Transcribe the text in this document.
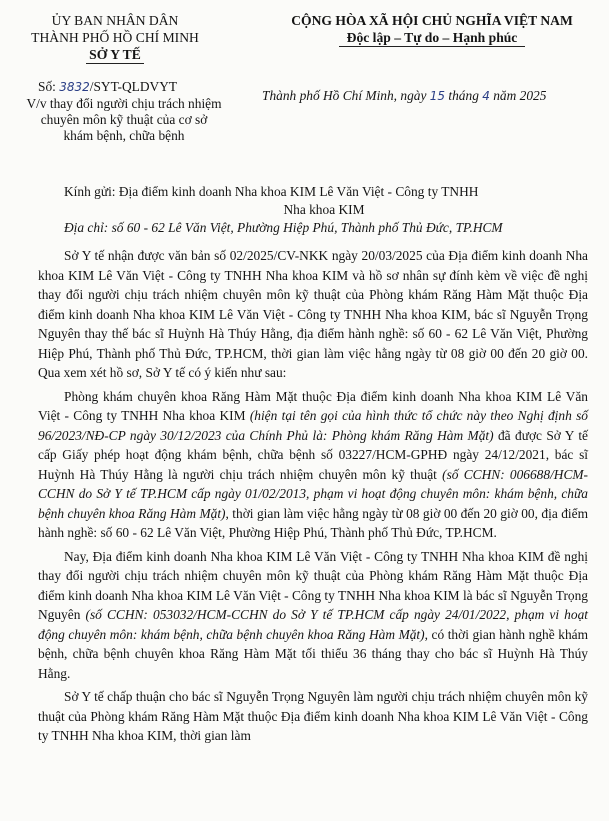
ỦY BAN NHÂN DÂN
THÀNH PHỐ HỒ CHÍ MINH
SỞ Y TẾ
CỘNG HÒA XÃ HỘI CHỦ NGHĨA VIỆT NAM
Độc lập – Tự do – Hạnh phúc
Số: 3832/SYT-QLDVYT
V/v thay đổi người chịu trách nhiệm chuyên môn kỹ thuật của cơ sở khám bệnh, chữa bệnh
Thành phố Hồ Chí Minh, ngày 15 tháng 4 năm 2025
Kính gửi: Địa điểm kinh doanh Nha khoa KIM Lê Văn Việt - Công ty TNHH
Nha khoa KIM
Địa chỉ: số 60 - 62 Lê Văn Việt, Phường Hiệp Phú, Thành phố Thủ Đức, TP.HCM

Sở Y tế nhận được văn bản số 02/2025/CV-NKK ngày 20/03/2025 của Địa điểm kinh doanh Nha khoa KIM Lê Văn Việt - Công ty TNHH Nha khoa KIM và hồ sơ nhân sự đính kèm về việc đề nghị thay đổi người chịu trách nhiệm chuyên môn kỹ thuật của Phòng khám Răng Hàm Mặt thuộc Địa điểm kinh doanh Nha khoa KIM Lê Văn Việt - Công ty TNHH Nha khoa KIM, bác sĩ Nguyễn Trọng Nguyên thay thế bác sĩ Huỳnh Hà Thúy Hằng, địa điểm hành nghề: số 60 - 62 Lê Văn Việt, Phường Hiệp Phú, Thành phố Thủ Đức, TP.HCM, thời gian làm việc hằng ngày từ 08 giờ 00 đến 20 giờ 00. Qua xem xét hồ sơ, Sở Y tế có ý kiến như sau:

Phòng khám chuyên khoa Răng Hàm Mặt thuộc Địa điểm kinh doanh Nha khoa KIM Lê Văn Việt - Công ty TNHH Nha khoa KIM (hiện tại tên gọi của hình thức tổ chức này theo Nghị định số 96/2023/NĐ-CP ngày 30/12/2023 của Chính Phủ là: Phòng khám Răng Hàm Mặt) đã được Sở Y tế cấp Giấy phép hoạt động khám bệnh, chữa bệnh số 03227/HCM-GPHĐ ngày 24/12/2021, bác sĩ Huỳnh Hà Thúy Hằng là người chịu trách nhiệm chuyên môn kỹ thuật (số CCHN: 006688/HCM-CCHN do Sở Y tế TP.HCM cấp ngày 01/02/2013, phạm vi hoạt động chuyên môn: khám bệnh, chữa bệnh chuyên khoa Răng Hàm Mặt), thời gian làm việc hằng ngày từ 08 giờ 00 đến 20 giờ 00, địa điểm hành nghề: số 60 - 62 Lê Văn Việt, Phường Hiệp Phú, Thành phố Thủ Đức, TP.HCM.

Nay, Địa điểm kinh doanh Nha khoa KIM Lê Văn Việt - Công ty TNHH Nha khoa KIM đề nghị thay đổi người chịu trách nhiệm chuyên môn kỹ thuật của Phòng khám Răng Hàm Mặt thuộc Địa điểm kinh doanh Nha khoa KIM Lê Văn Việt - Công ty TNHH Nha khoa KIM là bác sĩ Nguyễn Trọng Nguyên (số CCHN: 053032/HCM-CCHN do Sở Y tế TP.HCM cấp ngày 24/01/2022, phạm vi hoạt động chuyên môn: khám bệnh, chữa bệnh chuyên khoa Răng Hàm Mặt), có thời gian hành nghề khám bệnh, chữa bệnh chuyên khoa Răng Hàm Mặt tối thiểu 36 tháng thay cho bác sĩ Huỳnh Hà Thúy Hằng.

Sở Y tế chấp thuận cho bác sĩ Nguyễn Trọng Nguyên làm người chịu trách nhiệm chuyên môn kỹ thuật của Phòng khám Răng Hàm Mặt thuộc Địa điểm kinh doanh Nha khoa KIM Lê Văn Việt - Công ty TNHH Nha khoa KIM, thời gian làm
